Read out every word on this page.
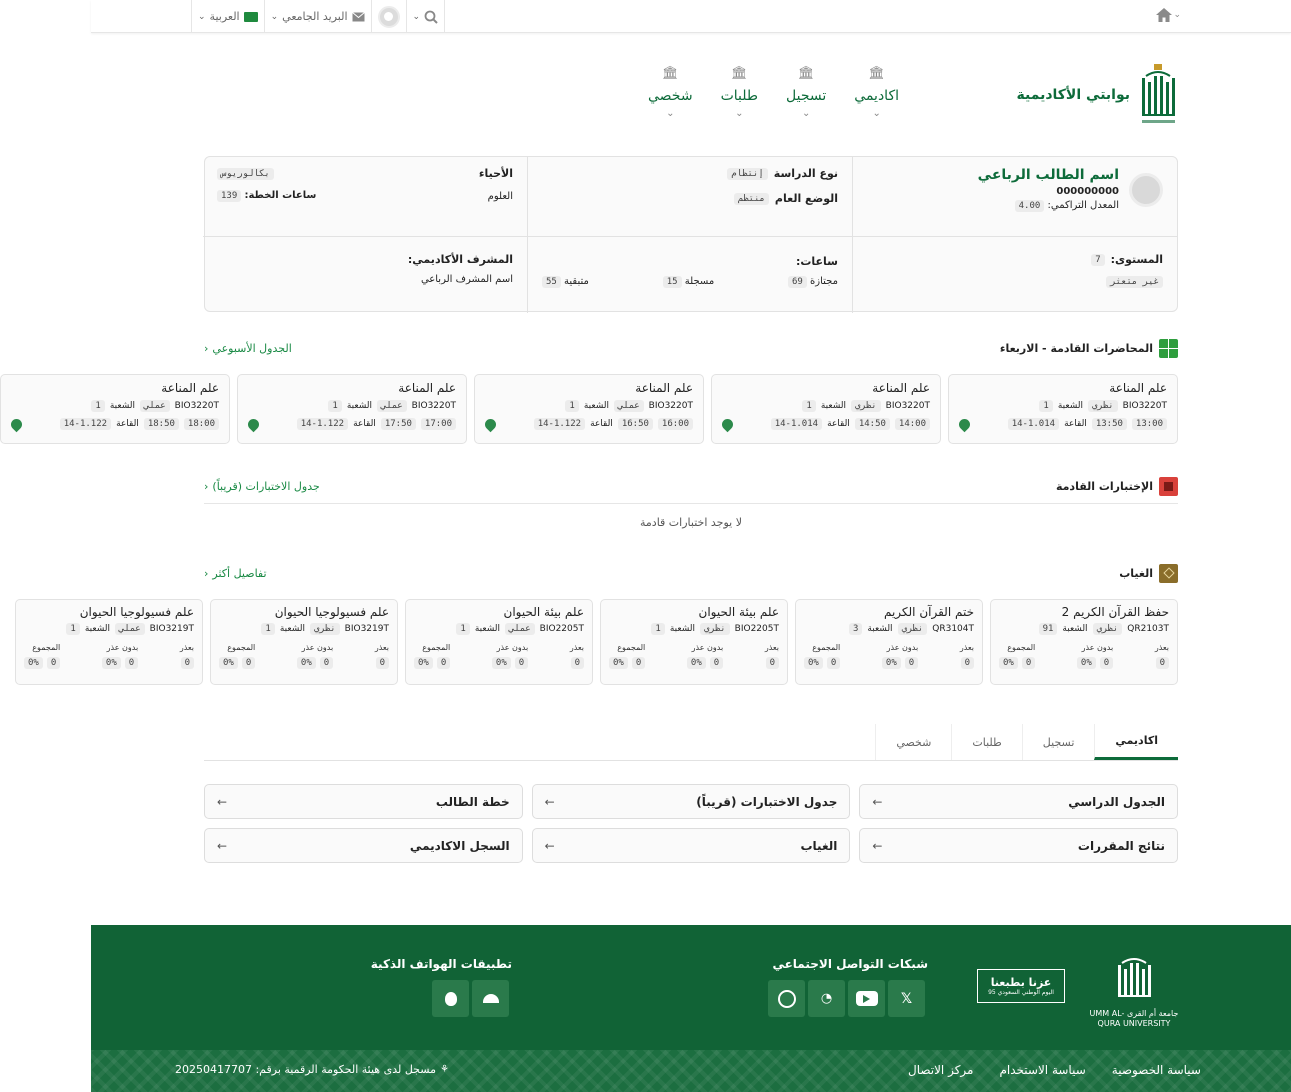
⌄
العربية
⌄	البريد الجامعي
⌄	⌄
بوابتي الأكاديمية
🏛
اكاديمي
⌄
🏛
تسجيل
⌄
🏛
طلبات
⌄
🏛
شخصي
⌄
اسم الطالب الرباعي
000000000
المعدل التراكمي: 4.00
نوع الدراسة
إنتظام
الوضع العام
منتظم
الأحياء
بكالوريوس
العلوم
ساعات الخطة: 139
المستوى:
7
غير متعثر
ساعات:
مجتازة 69
مسجلة 15
متبقية 55
المشرف الأكاديمي:
اسم المشرف الرباعي
المحاضرات القادمة - الاربعاء
الجدول الأسبوعي
‹
علم المناعة
BIO3220T
نظري
الشعبة
1
13:00
13:50
القاعة
14-1.014
علم المناعة
BIO3220T
نظري
الشعبة
1
14:00
14:50
القاعة
14-1.014
علم المناعة
BIO3220T
عملي
الشعبة
1
16:00
16:50
القاعة
14-1.122
علم المناعة
BIO3220T
عملي
الشعبة
1
17:00
17:50
القاعة
14-1.122
علم المناعة
BIO3220T
عملي
الشعبة
1
18:00
18:50
القاعة
14-1.122
الإختبارات القادمة
جدول الاختبارات (قريباً)
‹
لا يوجد اختبارات قادمة
الغياب
تفاصيل أكثر
‹
حفظ القرآن الكريم 2
QR2103T
نظري
الشعبة
91
بعذر
0
بدون عذر
0
0%
المجموع
0
0%
ختم القرآن الكريم
QR3104T
نظري
الشعبة
3
بعذر
0
بدون عذر
0
0%
المجموع
0
0%
علم بيئة الحيوان
BIO2205T
نظري
الشعبة
1
بعذر
0
بدون عذر
0
0%
المجموع
0
0%
علم بيئة الحيوان
BIO2205T
عملي
الشعبة
1
بعذر
0
بدون عذر
0
0%
المجموع
0
0%
علم فسيولوجيا الحيوان
BIO3219T
نظري
الشعبة
1
بعذر
0
بدون عذر
0
0%
المجموع
0
0%
علم فسيولوجيا الحيوان
BIO3219T
عملي
الشعبة
1
بعذر
0
بدون عذر
0
0%
المجموع
0
0%
اكاديمي
تسجيل
طلبات
شخصي
الجدول الدراسي
←
جدول الاختبارات (قريباً)
←
خطة الطالب
←
نتائج المقررات
←
الغياب
←
السجل الاكاديمي
←
جامعة أم القرى UMM AL-QURA UNIVERSITY
عزنا بطبعنا
اليوم الوطني السعودي 95
شبكات التواصل الاجتماعي
𝕏
◔
تطبيقات الهواتف الذكية
سياسة الخصوصية
سياسة الاستخدام
مركز الاتصال
⚘
مسجل لدى هيئة الحكومة الرقمية برقم: 20250417707
